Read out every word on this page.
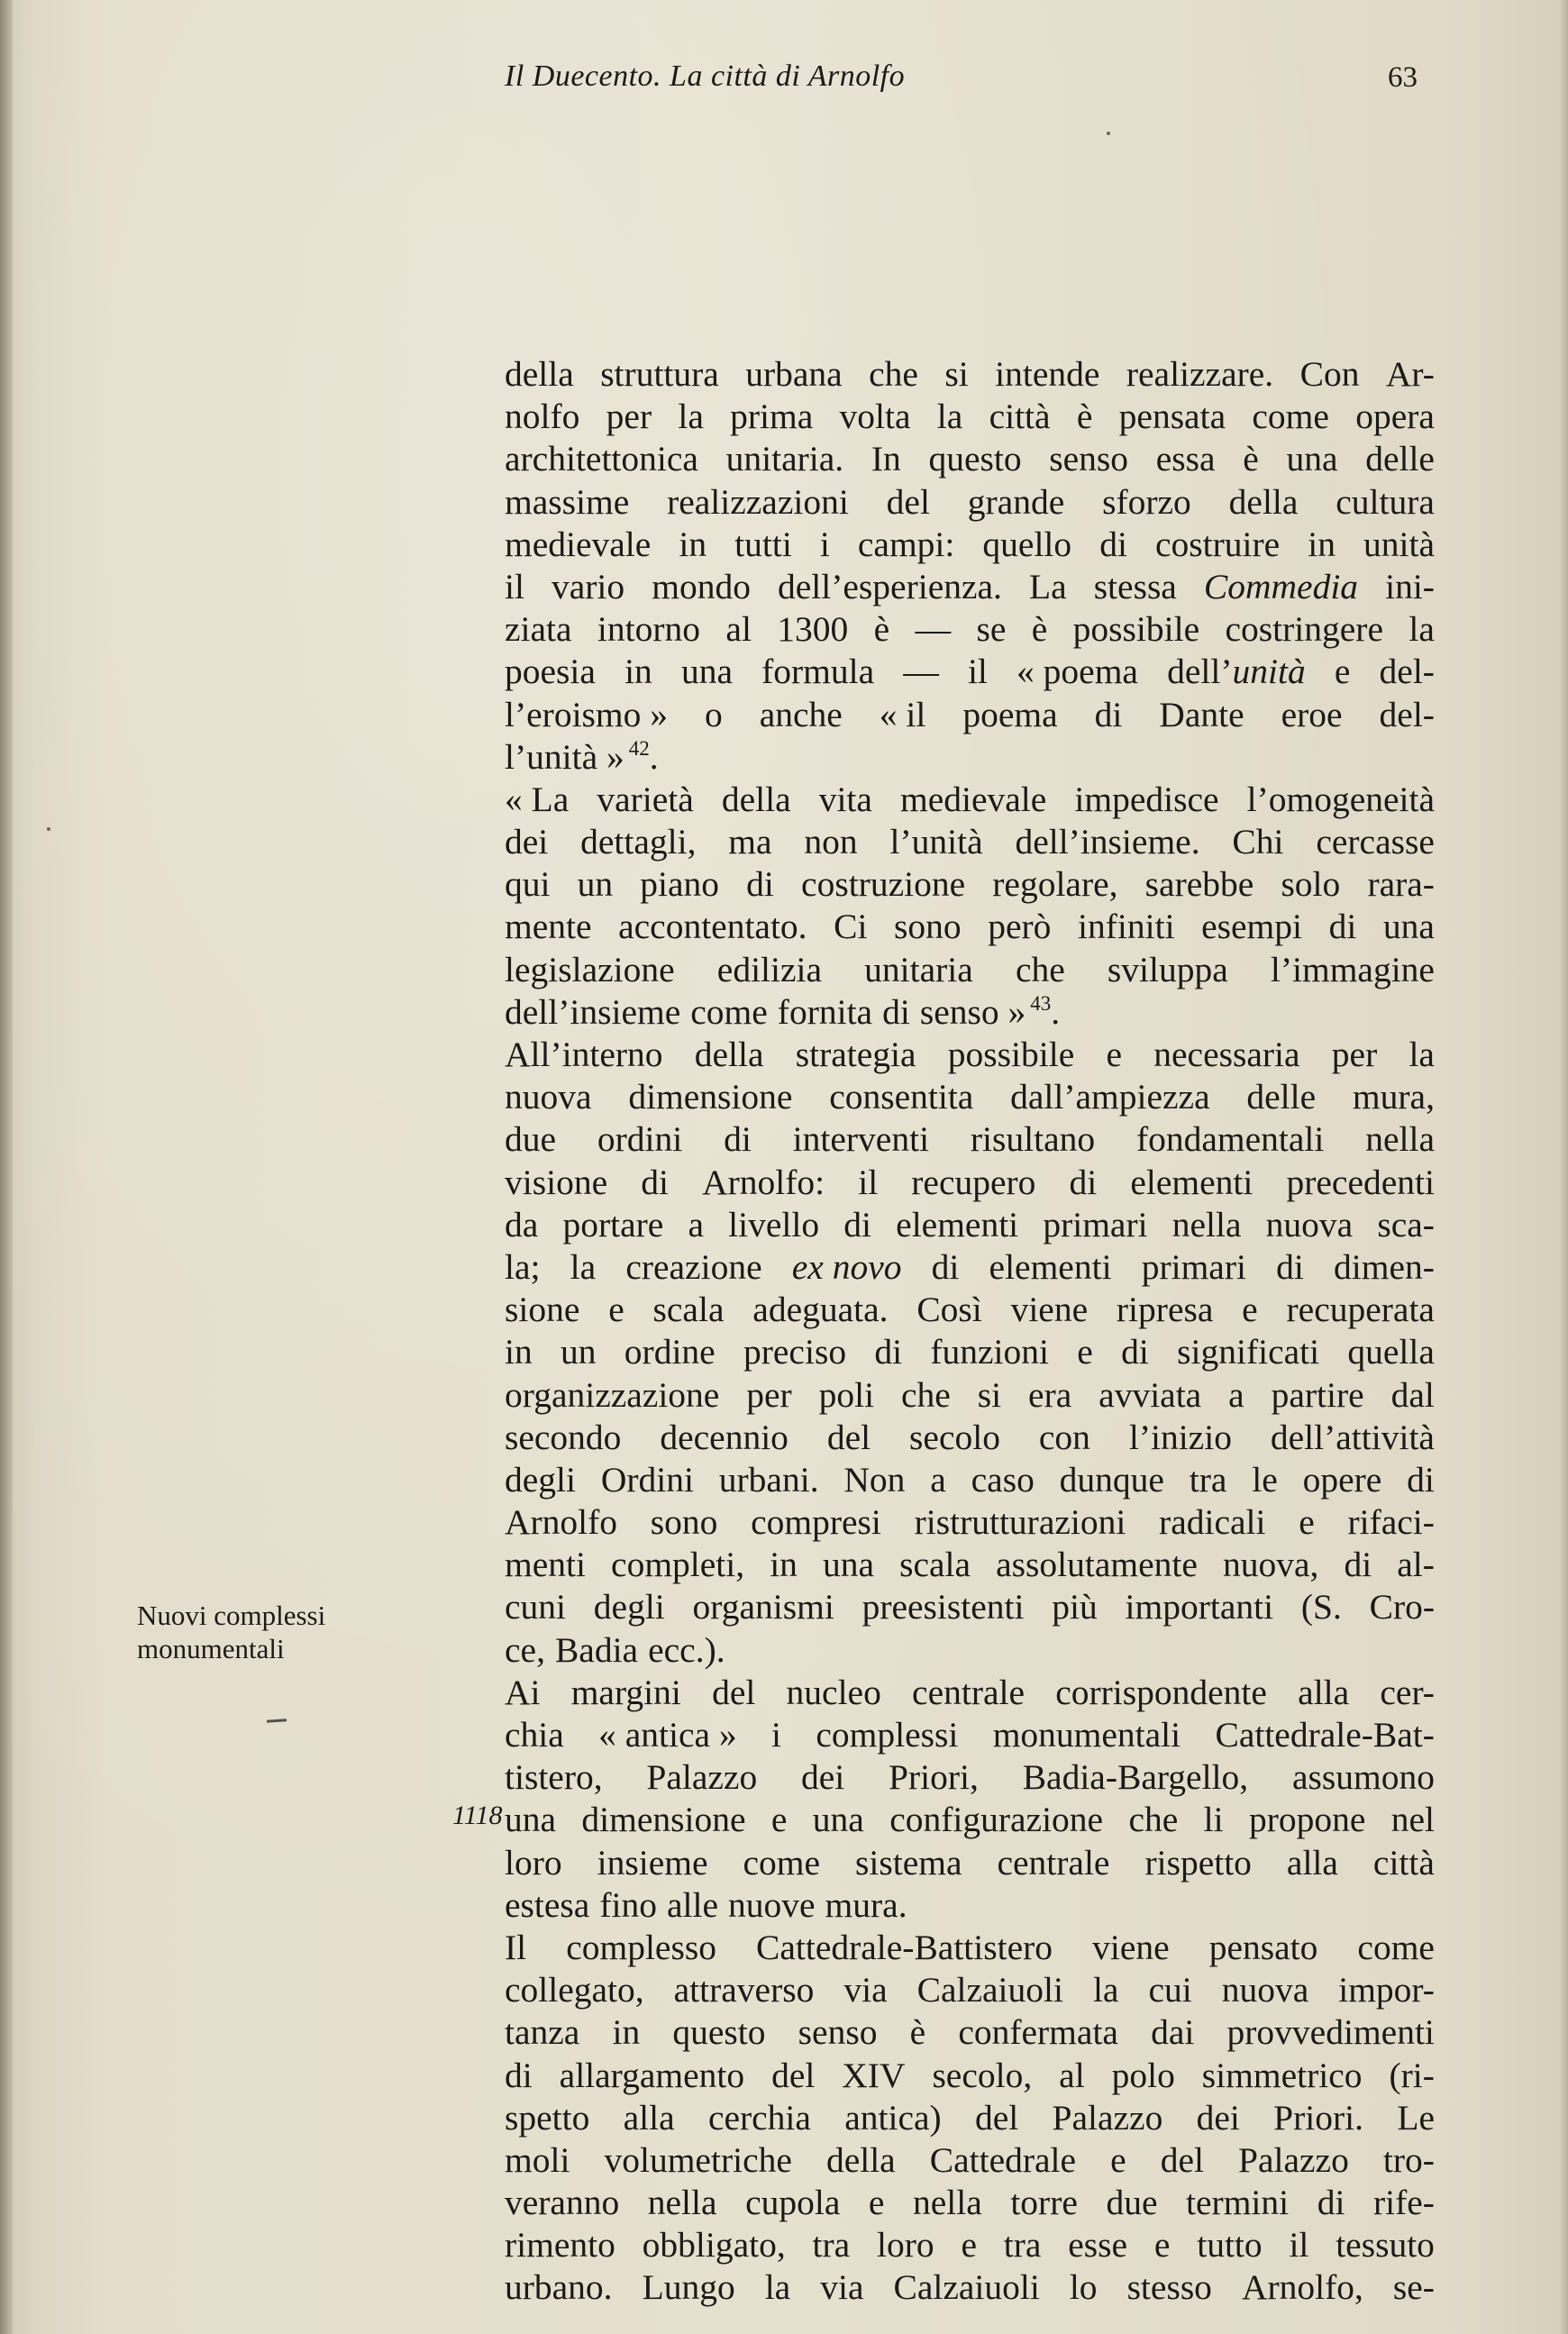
Il Duecento. La città di Arnolfo	63
Nuovi complessi
monumentali
1118
della struttura urbana che si intende realizzare. Con Ar-
nolfo per la prima volta la città è pensata come opera
architettonica unitaria. In questo senso essa è una delle
massime realizzazioni del grande sforzo della cultura
medievale in tutti i campi: quello di costruire in unità
il vario mondo dell’esperienza. La stessa Commedia ini-
ziata intorno al 1300 è — se è possibile costringere la
poesia in una formula — il « poema dell’unità e del-
l’eroismo » o anche « il poema di Dante eroe del-
l’unità » $^{42}$.
« La varietà della vita medievale impedisce l’omogeneità
dei dettagli, ma non l’unità dell’insieme. Chi cercasse
qui un piano di costruzione regolare, sarebbe solo rara-
mente accontentato. Ci sono però infiniti esempi di una
legislazione edilizia unitaria che sviluppa l’immagine
dell’insieme come fornita di senso » $^{43}$.
All’interno della strategia possibile e necessaria per la
nuova dimensione consentita dall’ampiezza delle mura,
due ordini di interventi risultano fondamentali nella
visione di Arnolfo: il recupero di elementi precedenti
da portare a livello di elementi primari nella nuova sca-
la; la creazione ex novo di elementi primari di dimen-
sione e scala adeguata. Così viene ripresa e recuperata
in un ordine preciso di funzioni e di significati quella
organizzazione per poli che si era avviata a partire dal
secondo decennio del secolo con l’inizio dell’attività
degli Ordini urbani. Non a caso dunque tra le opere di
Arnolfo sono compresi ristrutturazioni radicali e rifaci-
menti completi, in una scala assolutamente nuova, di al-
cuni degli organismi preesistenti più importanti (S. Cro-
ce, Badia ecc.).
Ai margini del nucleo centrale corrispondente alla cer-
chia « antica » i complessi monumentali Cattedrale-Bat-
tistero, Palazzo dei Priori, Badia-Bargello, assumono
una dimensione e una configurazione che li propone nel
loro insieme come sistema centrale rispetto alla città
estesa fino alle nuove mura.
Il complesso Cattedrale-Battistero viene pensato come
collegato, attraverso via Calzaiuoli la cui nuova impor-
tanza in questo senso è confermata dai provvedimenti
di allargamento del XIV secolo, al polo simmetrico (ri-
spetto alla cerchia antica) del Palazzo dei Priori. Le
moli volumetriche della Cattedrale e del Palazzo tro-
veranno nella cupola e nella torre due termini di rife-
rimento obbligato, tra loro e tra esse e tutto il tessuto
urbano. Lungo la via Calzaiuoli lo stesso Arnolfo, se-
